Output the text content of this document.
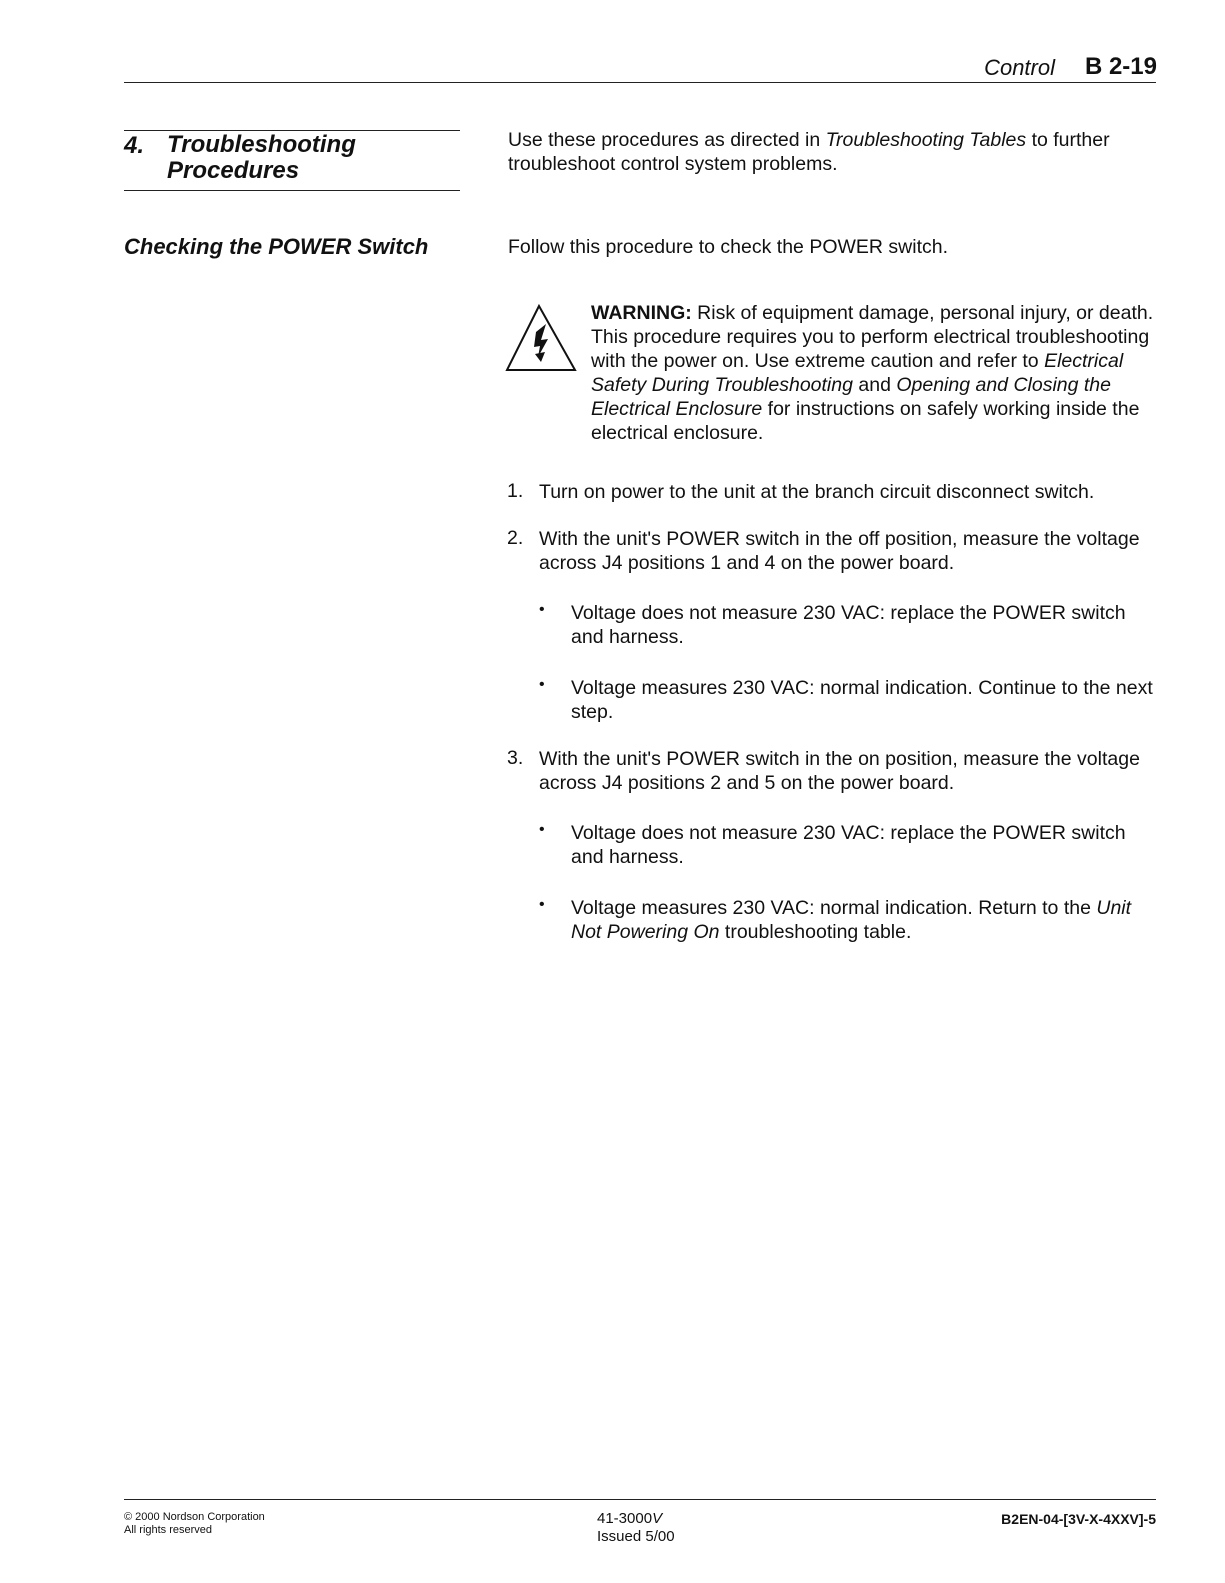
Control B 2-19
4. Troubleshooting
Procedures
Use these procedures as directed in Troubleshooting Tables to further troubleshoot control system problems.
Checking the POWER Switch	Follow this procedure to check the POWER switch.
WARNING: Risk of equipment damage, personal injury, or death. This procedure requires you to perform electrical troubleshooting with the power on. Use extreme caution and refer to Electrical Safety During Troubleshooting and Opening and Closing the Electrical Enclosure for instructions on safely working inside the electrical enclosure.
1. Turn on power to the unit at the branch circuit disconnect switch.
2. With the unit's POWER switch in the off position, measure the voltage across J4 positions 1 and 4 on the power board.
• Voltage does not measure 230 VAC: replace the POWER switch and harness.
• Voltage measures 230 VAC: normal indication. Continue to the next step.
3. With the unit's POWER switch in the on position, measure the voltage across J4 positions 2 and 5 on the power board.
• Voltage does not measure 230 VAC: replace the POWER switch and harness.
• Voltage measures 230 VAC: normal indication. Return to the Unit Not Powering On troubleshooting table.
© 2000 Nordson Corporation
All rights reserved
41-3000V
Issued 5/00
B2EN-04-[3V-X-4XXV]-5
